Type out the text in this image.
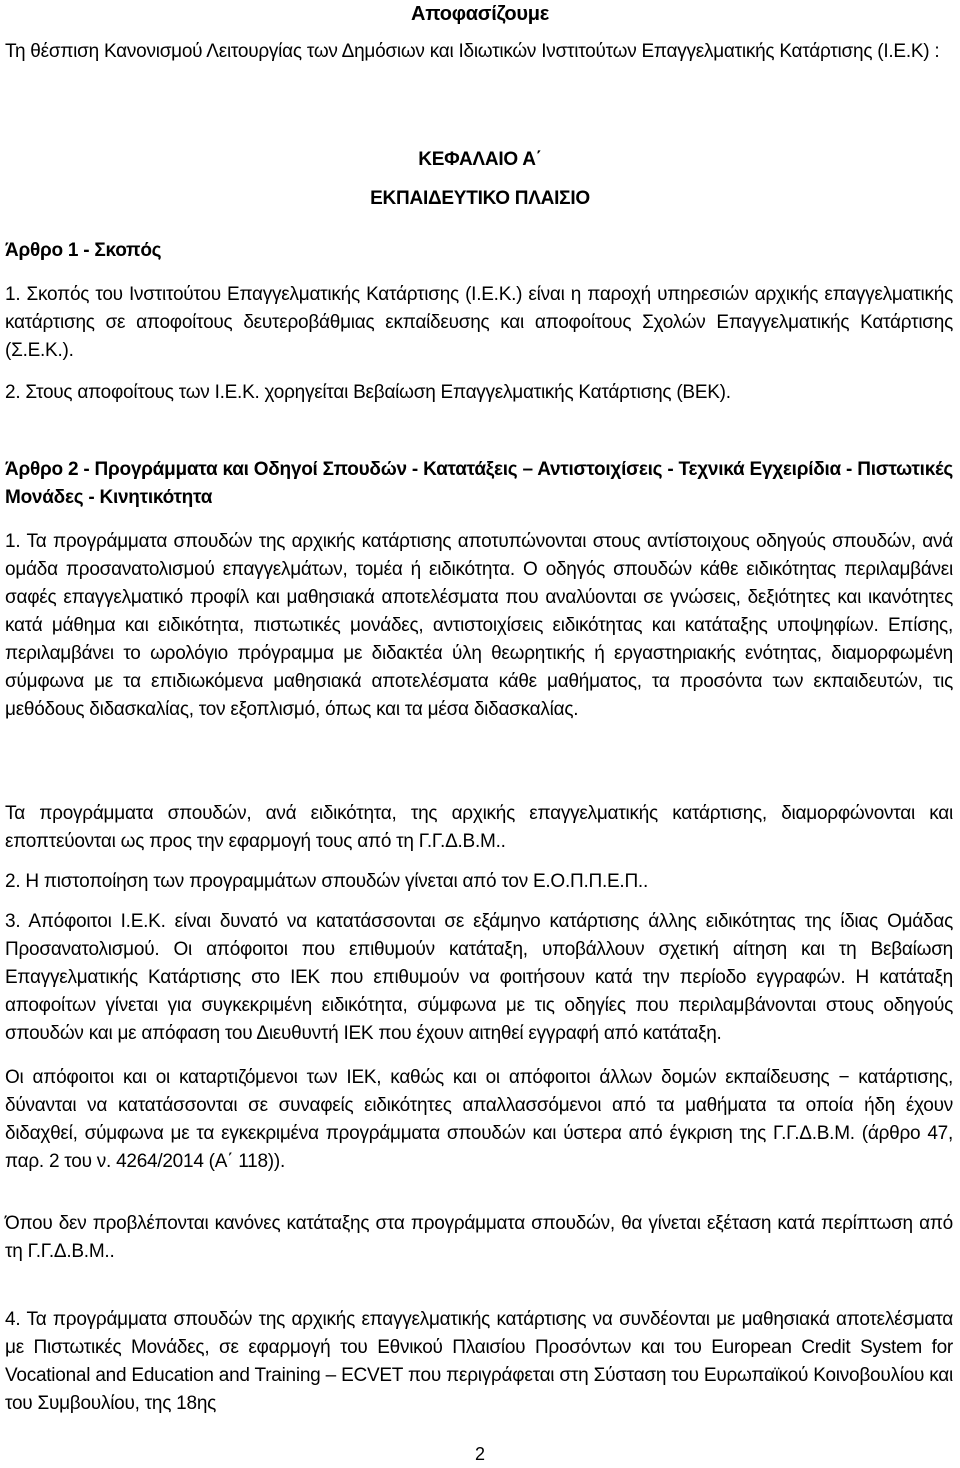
Αποφασίζουμε

Τη θέσπιση Κανονισμού Λειτουργίας των Δημόσιων και Ιδιωτικών Ινστιτούτων Επαγγελματικής Κατάρτισης (Ι.Ε.Κ) :

ΚΕΦΑΛΑΙΟ Α΄
ΕΚΠΑΙΔΕΥΤΙΚΟ ΠΛΑΙΣΙΟ

Άρθρο 1 - Σκοπός

1. Σκοπός του Ινστιτούτου Επαγγελματικής Κατάρτισης (Ι.Ε.Κ.) είναι η παροχή υπηρεσιών αρχικής επαγγελματικής κατάρτισης σε αποφοίτους δευτεροβάθμιας εκπαίδευσης και αποφοίτους Σχολών Επαγγελματικής Κατάρτισης (Σ.Ε.Κ.).

2. Στους αποφοίτους των Ι.Ε.Κ. χορηγείται Βεβαίωση Επαγγελματικής Κατάρτισης (ΒΕΚ).

Άρθρο 2 - Προγράμματα και Οδηγοί Σπουδών - Κατατάξεις – Αντιστοιχίσεις - Τεχνικά Εγχειρίδια - Πιστωτικές Μονάδες - Κινητικότητα

1. Τα προγράμματα σπουδών της αρχικής κατάρτισης αποτυπώνονται στους αντίστοιχους οδηγούς σπουδών, ανά ομάδα προσανατολισμού επαγγελμάτων, τομέα ή ειδικότητα. Ο οδηγός σπουδών κάθε ειδικότητας περιλαμβάνει σαφές επαγγελματικό προφίλ και μαθησιακά αποτελέσματα που αναλύονται σε γνώσεις, δεξιότητες και ικανότητες κατά μάθημα και ειδικότητα, πιστωτικές μονάδες, αντιστοιχίσεις ειδικότητας και κατάταξης υποψηφίων. Επίσης, περιλαμβάνει το ωρολόγιο πρόγραμμα με διδακτέα ύλη θεωρητικής ή εργαστηριακής ενότητας, διαμορφωμένη σύμφωνα με τα επιδιωκόμενα μαθησιακά αποτελέσματα κάθε μαθήματος, τα προσόντα των εκπαιδευτών, τις μεθόδους διδασκαλίας, τον εξοπλισμό, όπως και τα μέσα διδασκαλίας.

Τα προγράμματα σπουδών, ανά ειδικότητα, της αρχικής επαγγελματικής κατάρτισης, διαμορφώνονται και εποπτεύονται ως προς την εφαρμογή τους από τη Γ.Γ.Δ.Β.Μ..

2. Η πιστοποίηση των προγραμμάτων σπουδών γίνεται από τον Ε.Ο.Π.Π.Ε.Π..

3. Απόφοιτοι Ι.Ε.Κ. είναι δυνατό να κατατάσσονται σε εξάμηνο κατάρτισης άλλης ειδικότητας της ίδιας Ομάδας Προσανατολισμού. Οι απόφοιτοι που επιθυμούν κατάταξη, υποβάλλουν σχετική αίτηση και τη Βεβαίωση Επαγγελματικής Κατάρτισης στο ΙΕΚ που επιθυμούν να φοιτήσουν κατά την περίοδο εγγραφών. Η κατάταξη αποφοίτων γίνεται για συγκεκριμένη ειδικότητα, σύμφωνα με τις οδηγίες που περιλαμβάνονται στους οδηγούς σπουδών και με απόφαση του Διευθυντή ΙΕΚ που έχουν αιτηθεί εγγραφή από κατάταξη.

Οι απόφοιτοι και οι καταρτιζόμενοι των ΙΕΚ, καθώς και οι απόφοιτοι άλλων δομών εκπαίδευσης − κατάρτισης, δύνανται να κατατάσσονται σε συναφείς ειδικότητες απαλλασσόμενοι από τα μαθήματα τα οποία ήδη έχουν διδαχθεί, σύμφωνα με τα εγκεκριμένα προγράμματα σπουδών και ύστερα από έγκριση της Γ.Γ.Δ.Β.Μ. (άρθρο 47, παρ. 2 του ν. 4264/2014 (Α΄ 118)).

Όπου δεν προβλέπονται κανόνες κατάταξης στα προγράμματα σπουδών, θα γίνεται εξέταση κατά περίπτωση από τη Γ.Γ.Δ.Β.Μ..

4. Τα προγράμματα σπουδών της αρχικής επαγγελματικής κατάρτισης να συνδέονται με μαθησιακά αποτελέσματα με Πιστωτικές Μονάδες, σε εφαρμογή του Εθνικού Πλαισίου Προσόντων και του European Credit System for Vocational and Education and Training – ECVET που περιγράφεται στη Σύσταση του Ευρωπαϊκού Κοινοβουλίου και του Συμβουλίου, της 18ης

2
